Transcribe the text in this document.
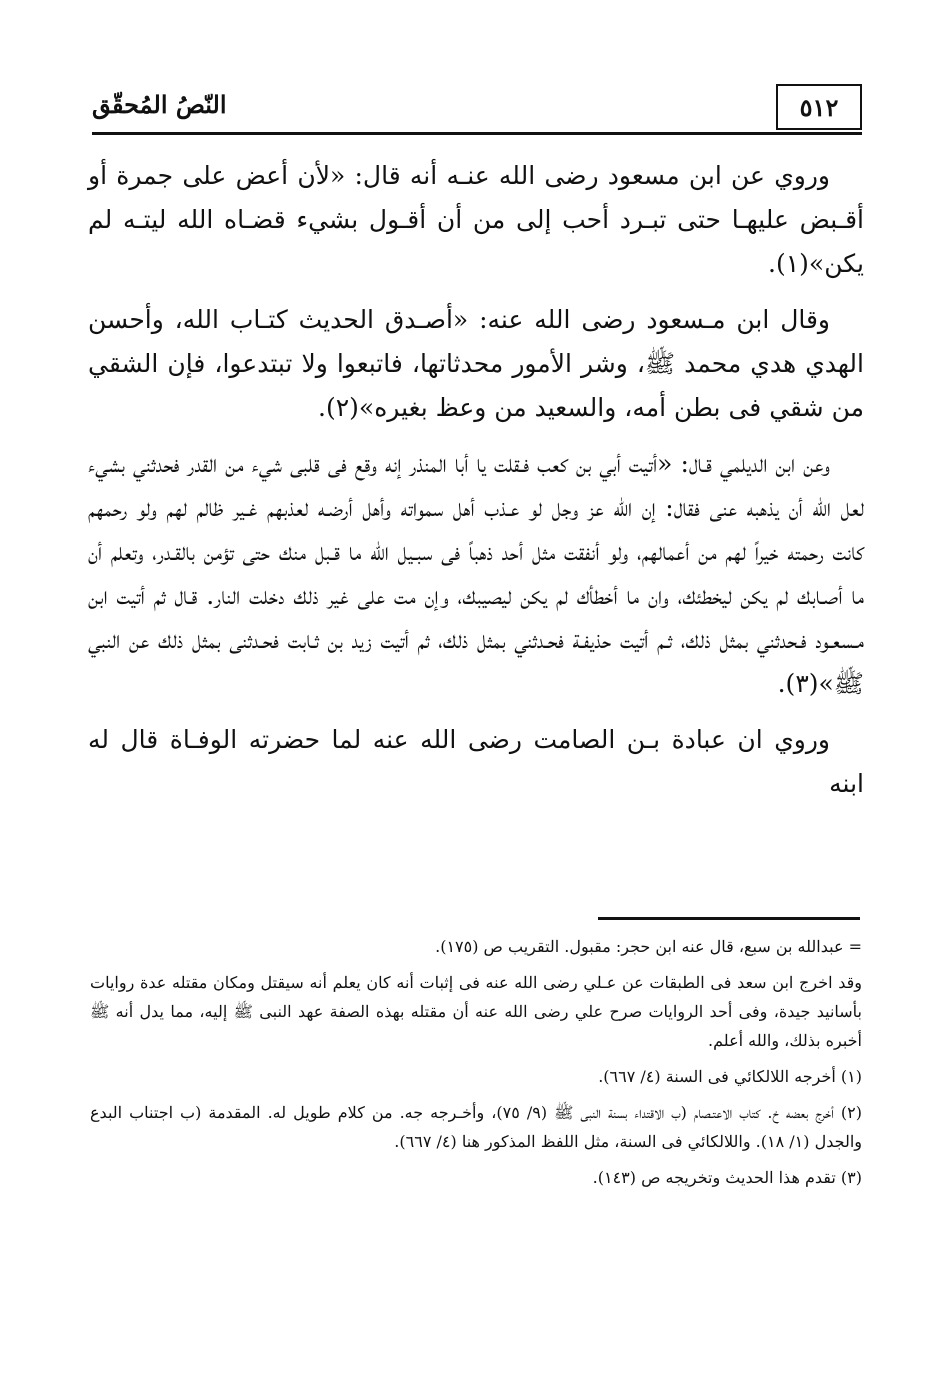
٥١٢
النّصُ المُحقّق

وروي عن ابن مسعود رضى الله عنـه أنه قال: «لأن أعض على جمرة أو أقـبض عليهـا حتى تبـرد أحب إلى من أن أقـول بشيء قضـاه الله ليتـه لم يكن»(١).

وقال ابن مـسعود رضى الله عنه: «أصـدق الحديث كتـاب الله، وأحسن الهدي هدي محمد ﷺ، وشر الأمور محدثاتها، فاتبعوا ولا تبتدعوا، فإن الشقي من شقي فى بطن أمه، والسعيد من وعظ بغيره»(٢).

وعن ابن الديلمي قـال: «أتيت أبي بن كعب فـقلت يا أبا المنذر إنه وقع فى قلبى شيء من القدر فحدثني بشيء لعل الله أن يذهبه عنى فقال: إن الله عز وجل لو عـذب أهل سمواته وأهل أرضـه لعذبهم غـير ظالم لهم ولو رحمهم كانت رحمته خيراً لهم من أعمالهم، ولو أنفقت مثل أحد ذهباً فى سبـيل الله ما قـبل منك حتى تؤمن بالقـدر، وتعلم أن ما أصـابك لم يكن ليخطئك، وان ما أخطأك لم يكن ليصيبك، وإن مت على غير ذلك دخلت النار. قـال ثم أتيت ابن مـسعـود فـحدثني بمثل ذلك، ثـم أتيت حذيفـة فحـدثني بمثل ذلك، ثم أتيت زيد بن ثـابت فحـدثنى بمثل ذلك عن النبي ﷺ»(٣).

وروي ان عبادة بـن الصامت رضى الله عنه لما حضرته الوفـاة قال له ابنه

= عبدالله بن سبع، قال عنه ابن حجر: مقبول. التقريب ص (١٧٥).

وقد اخرج ابن سعد فى الطبقات عن عـلي رضى الله عنه فى إثبات أنه كان يعلم أنه سيقتل ومكان مقتله عدة روايات بأسانيد جيدة، وفى أحد الروايات صرح علي رضى الله عنه أن مقتله بهذه الصفة عهد النبى ﷺ إليه، مما يدل أنه ﷺ أخبره بذلك، والله أعلم.

(١) أخرجه اللالكائي فى السنة (٤/ ٦٦٧).

(٢) أخرج بعضه خ. كتاب الاعتـصام (ب الاقتداء بسنة النبى ﷺ (٩/ ٧٥)، وأخـرجه جه. من كلام طويل له. المقدمة (ب اجتناب البدع والجدل (١/ ١٨). واللالكائي فى السنة، مثل اللفظ المذكور هنا (٤/ ٦٦٧).

(٣) تقدم هذا الحديث وتخريجه ص (١٤٣).
